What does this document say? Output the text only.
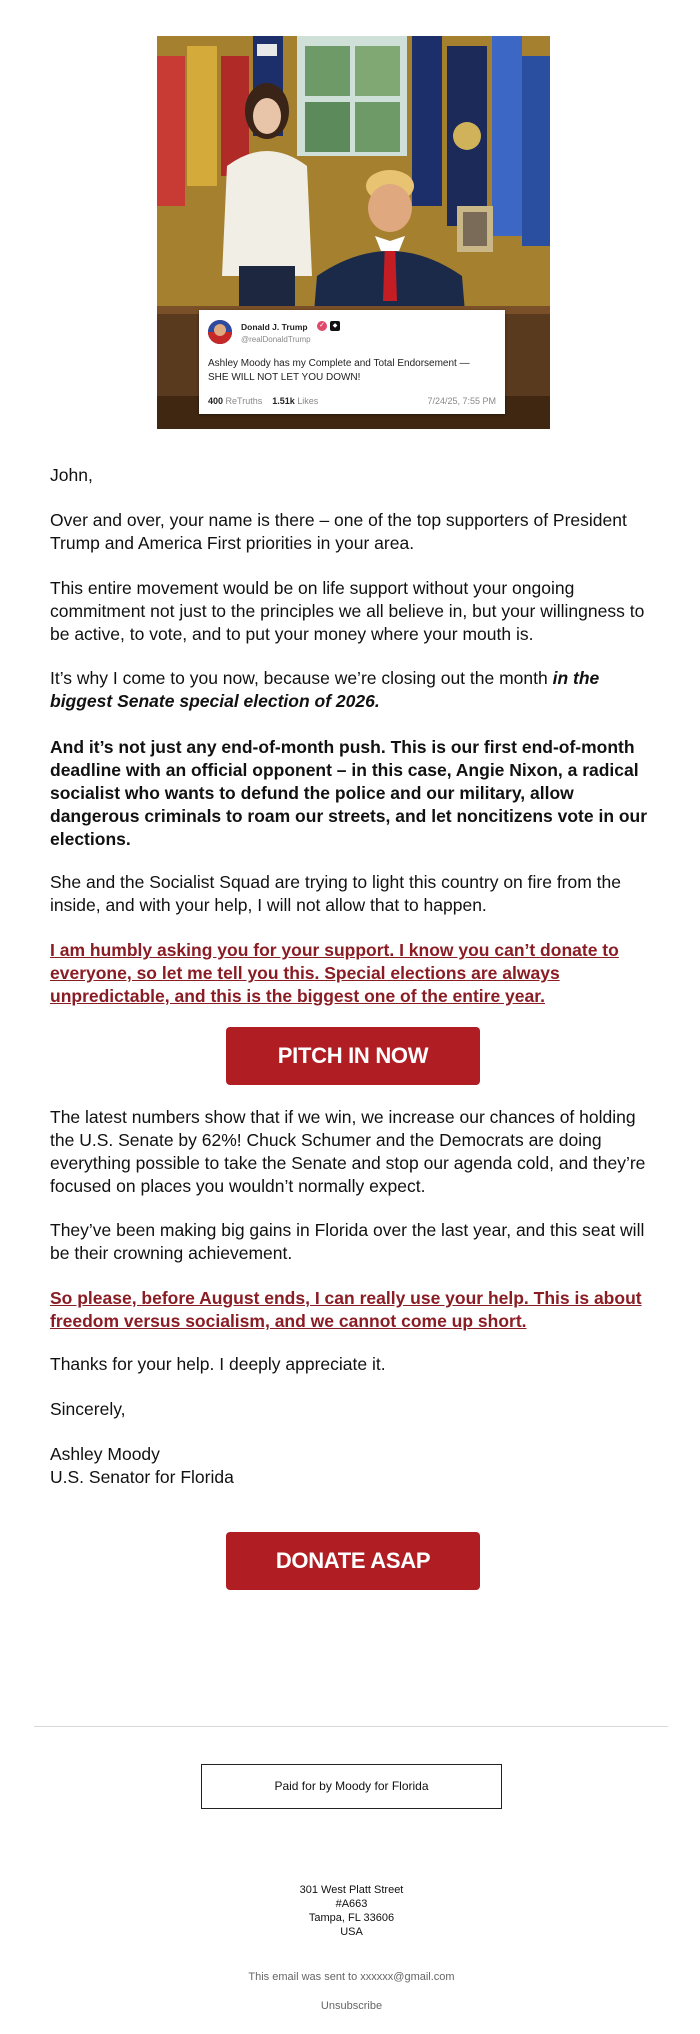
Donald J. Trump ✓	◆
@realDonaldTrump
Ashley Moody has my Complete and Total Endorsement — SHE WILL NOT LET YOU DOWN!
400 ReTruths 1.51k Likes	7/24/25, 7:55 PM

John,

Over and over, your name is there – one of the top supporters of President Trump and America First priorities in your area.

This entire movement would be on life support without your ongoing commitment not just to the principles we all believe in, but your willingness to be active, to vote, and to put your money where your mouth is.

It’s why I come to you now, because we’re closing out the month in the biggest Senate special election of 2026.

And it’s not just any end-of-month push. This is our first end-of-month deadline with an official opponent – in this case, Angie Nixon, a radical socialist who wants to defund the police and our military, allow dangerous criminals to roam our streets, and let noncitizens vote in our elections.

She and the Socialist Squad are trying to light this country on fire from the inside, and with your help, I will not allow that to happen.

I am humbly asking you for your support. I know you can’t donate to everyone, so let me tell you this. Special elections are always unpredictable, and this is the biggest one of the entire year.

PITCH IN NOW

The latest numbers show that if we win, we increase our chances of holding the U.S. Senate by 62%! Chuck Schumer and the Democrats are doing everything possible to take the Senate and stop our agenda cold, and they’re focused on places you wouldn’t normally expect.

They’ve been making big gains in Florida over the last year, and this seat will be their crowning achievement.

So please, before August ends, I can really use your help. This is about freedom versus socialism, and we cannot come up short.

Thanks for your help. I deeply appreciate it.

Sincerely,

Ashley Moody

U.S. Senator for Florida

DONATE ASAP
Paid for by Moody for Florida
301 West Platt Street
#A663
Tampa, FL 33606
USA
This email was sent to xxxxxx@gmail.com
Unsubscribe
